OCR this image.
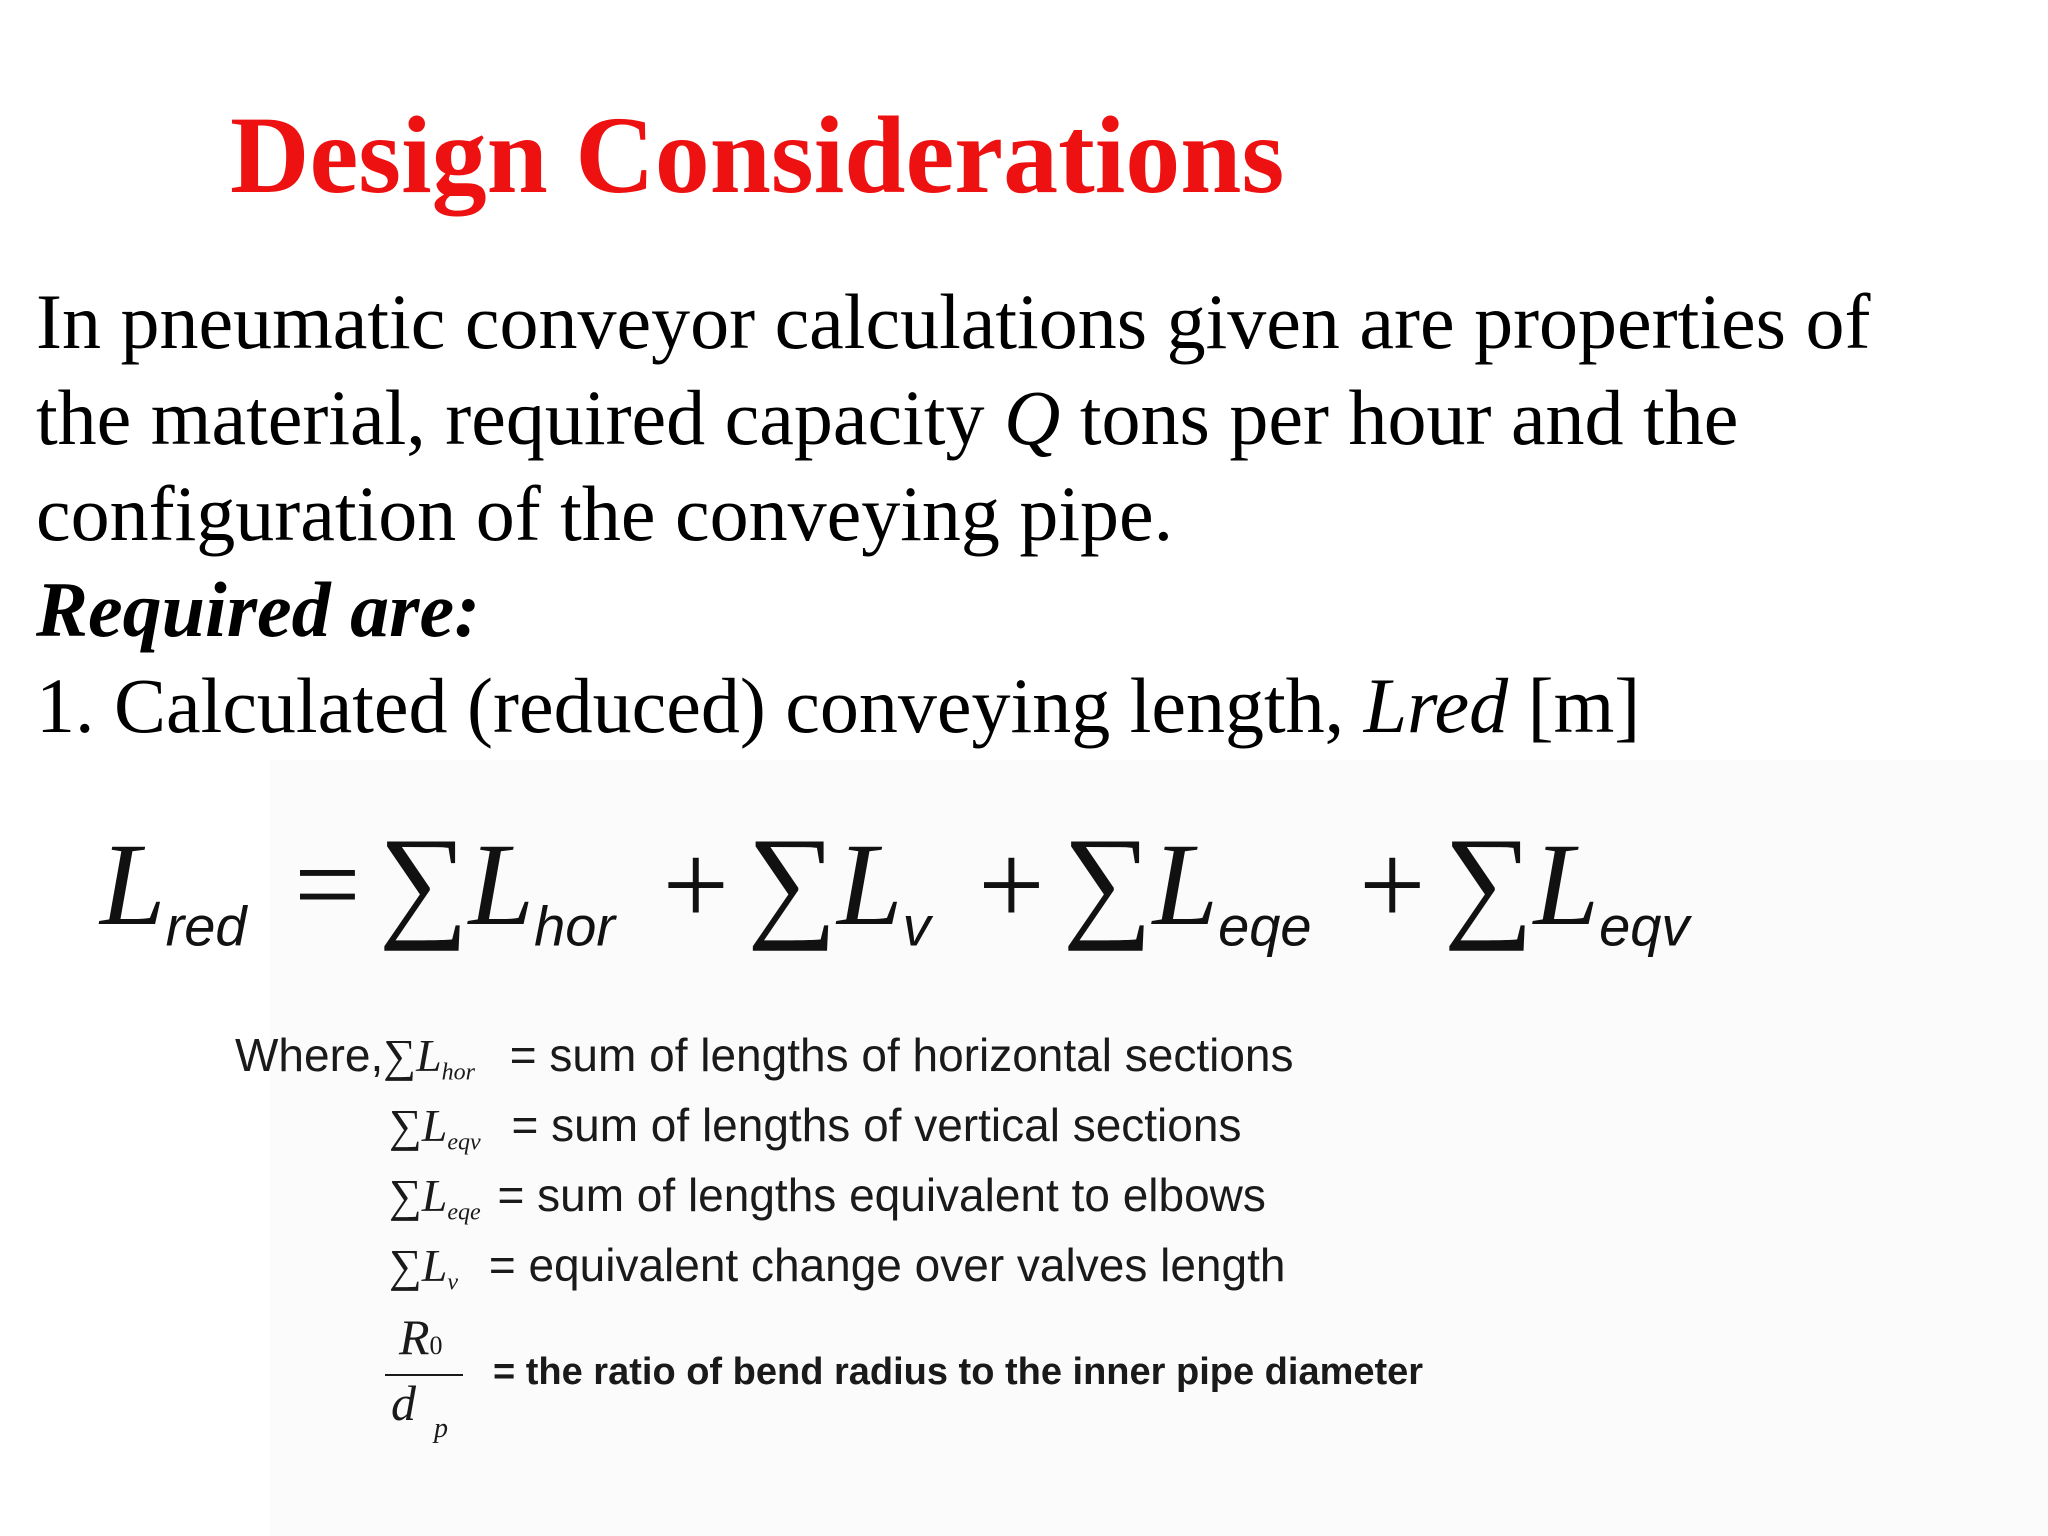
Design Considerations
In pneumatic conveyor calculations given are properties of
the material, required capacity Q tons per hour and the
configuration of the conveying pipe.
Required are:
1. Calculated (reduced) conveying length, Lred [m]
$L_{red} = \sum L_{hor} + \sum L_v + \sum L_{eqe} + \sum L_{eqv}$
Where,∑Lhor = sum of lengths of horizontal sections
∑Leqv = sum of lengths of vertical sections
∑Leqe = sum of lengths equivalent to elbows
∑Lv = equivalent change over valves length
R0
d $_p$
= the ratio of bend radius to the inner pipe diameter
